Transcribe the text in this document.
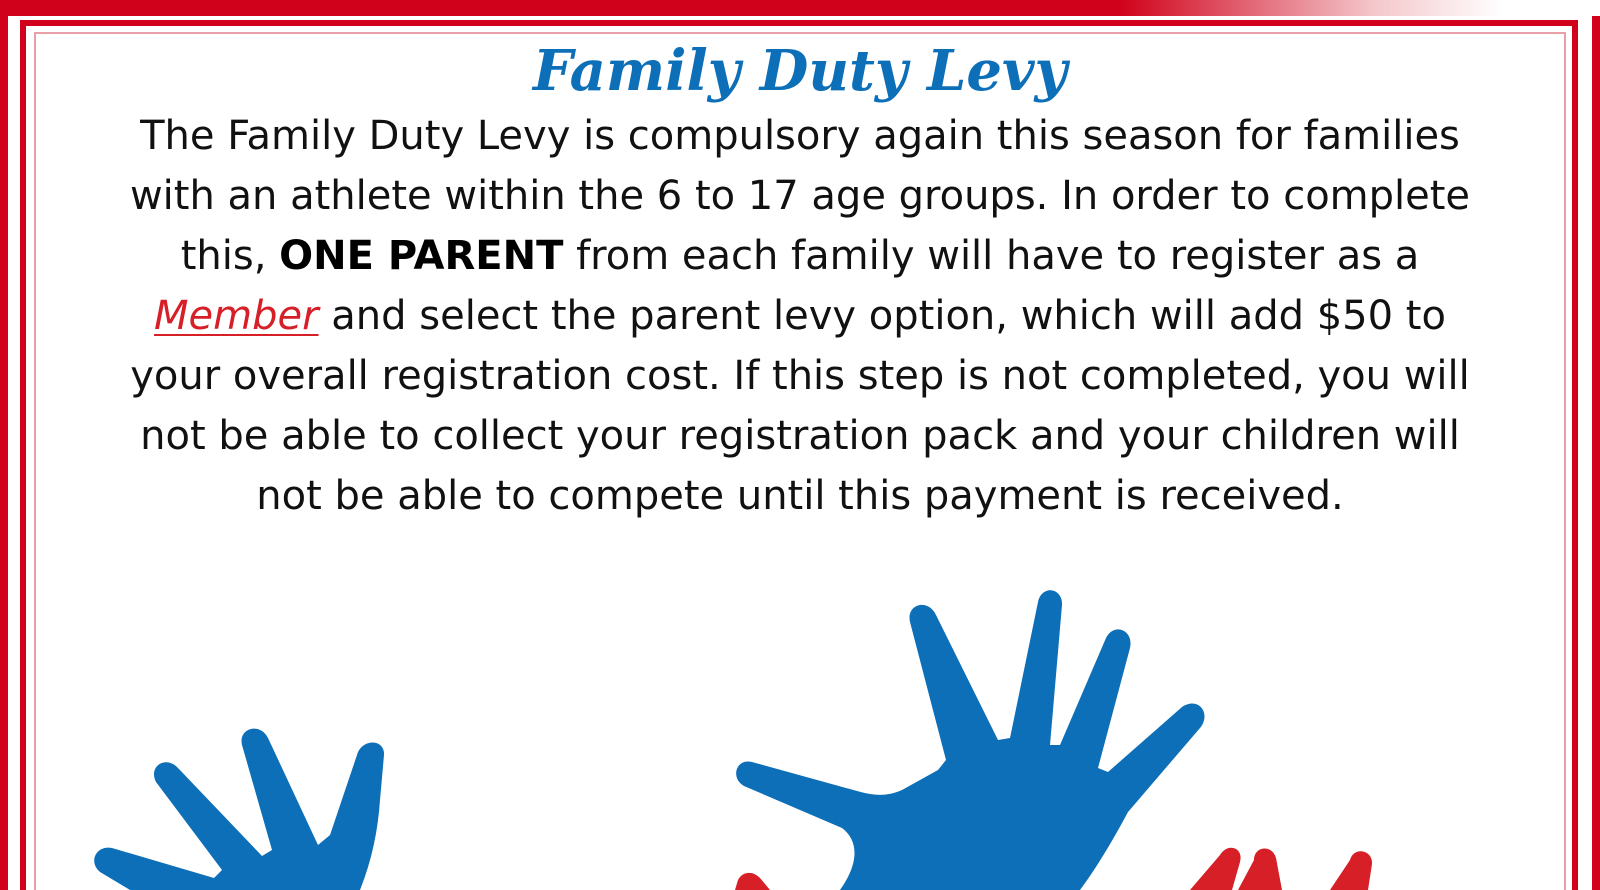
Family Duty Levy

The Family Duty Levy is compulsory again this season for families with an athlete within the 6 to 17 age groups. In order to complete this, ONE PARENT from each family will have to register as a Member and select the parent levy option, which will add $50 to your overall registration cost. If this step is not completed, you will not be able to collect your registration pack and your children will not be able to compete until this payment is received.
